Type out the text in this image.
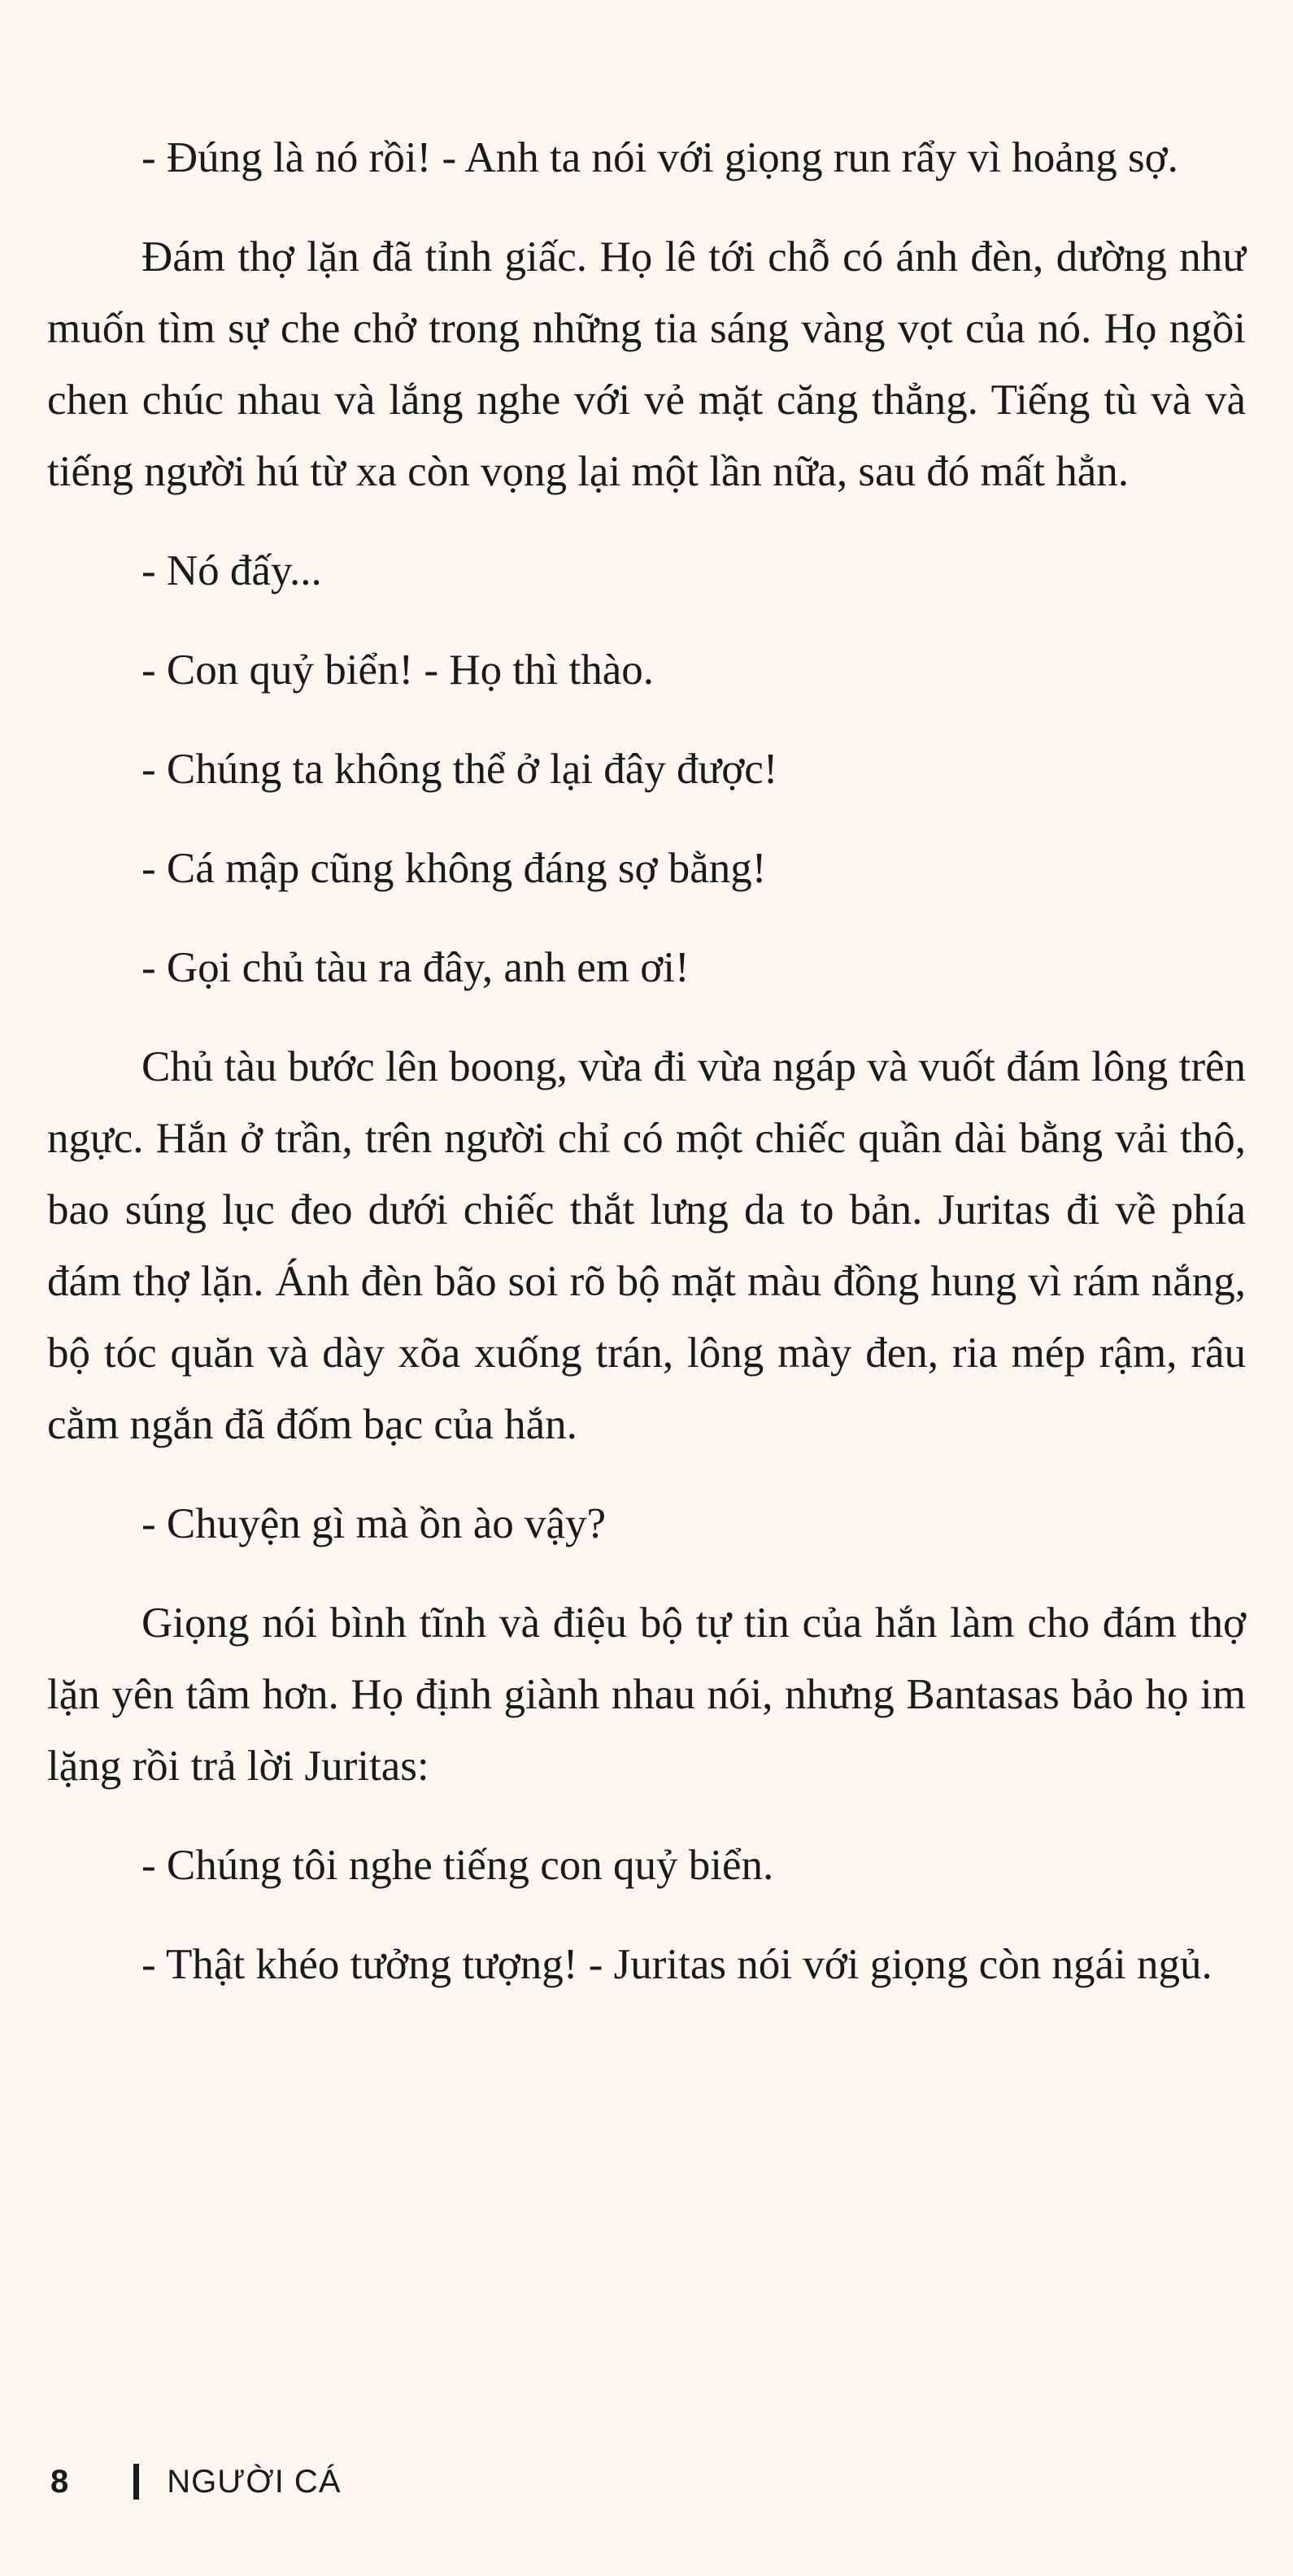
- Đúng là nó rồi! - Anh ta nói với giọng run rẩy vì hoảng sợ.

Đám thợ lặn đã tỉnh giấc. Họ lê tới chỗ có ánh đèn, dường như muốn tìm sự che chở trong những tia sáng vàng vọt của nó. Họ ngồi chen chúc nhau và lắng nghe với vẻ mặt căng thẳng. Tiếng tù và và tiếng người hú từ xa còn vọng lại một lần nữa, sau đó mất hẳn.

- Nó đấy...

- Con quỷ biển! - Họ thì thào.

- Chúng ta không thể ở lại đây được!

- Cá mập cũng không đáng sợ bằng!

- Gọi chủ tàu ra đây, anh em ơi!

Chủ tàu bước lên boong, vừa đi vừa ngáp và vuốt đám lông trên ngực. Hắn ở trần, trên người chỉ có một chiếc quần dài bằng vải thô, bao súng lục đeo dưới chiếc thắt lưng da to bản. Juritas đi về phía đám thợ lặn. Ánh đèn bão soi rõ bộ mặt màu đồng hung vì rám nắng, bộ tóc quăn và dày xõa xuống trán, lông mày đen, ria mép rậm, râu cằm ngắn đã đốm bạc của hắn.

- Chuyện gì mà ồn ào vậy?

Giọng nói bình tĩnh và điệu bộ tự tin của hắn làm cho đám thợ lặn yên tâm hơn. Họ định giành nhau nói, nhưng Bantasas bảo họ im lặng rồi trả lời Juritas:

- Chúng tôi nghe tiếng con quỷ biển.

- Thật khéo tưởng tượng! - Juritas nói với giọng còn ngái ngủ.

8	NGƯỜI CÁ
